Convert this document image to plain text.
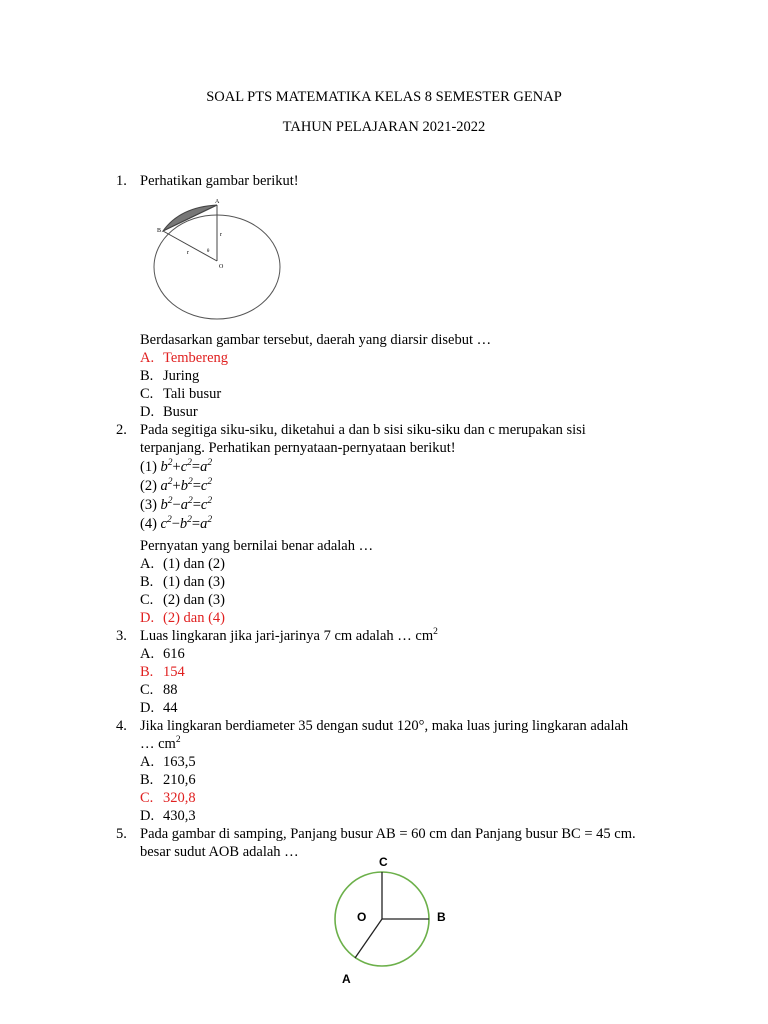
SOAL PTS MATEMATIKA KELAS 8 SEMESTER GENAP
TAHUN PELAJARAN 2021-2022
1. Perhatikan gambar berikut!
A
B
O
r
r	θ
Berdasarkan gambar tersebut, daerah yang diarsir disebut …
A. Tembereng
B. Juring
C. Tali busur
D. Busur
2. Pada segitiga siku-siku, diketahui a dan b sisi siku-siku dan c merupakan sisi
terpanjang. Perhatikan pernyataan-pernyataan berikut!
(1) $b^2+c^2=a^2$
(2) $a^2+b^2=c^2$
(3) $b^2-a^2=c^2$
(4) $c^2-b^2=a^2$
Pernyatan yang bernilai benar adalah …
A. (1) dan (2)
B. (1) dan (3)
C. (2) dan (3)
D. (2) dan (4)
3. Luas lingkaran jika jari-jarinya 7 cm adalah … $cm^2$
A. 616
B. 154
C. 88
D. 44
4. Jika lingkaran berdiameter 35 dengan sudut 120°, maka luas juring lingkaran adalah
… $cm^2$
A. 163,5
B. 210,6
C. 320,8
D. 430,3
5. Pada gambar di samping, Panjang busur AB = 60 cm dan Panjang busur BC = 45 cm.
besar sudut AOB adalah …
C
O	B
A
